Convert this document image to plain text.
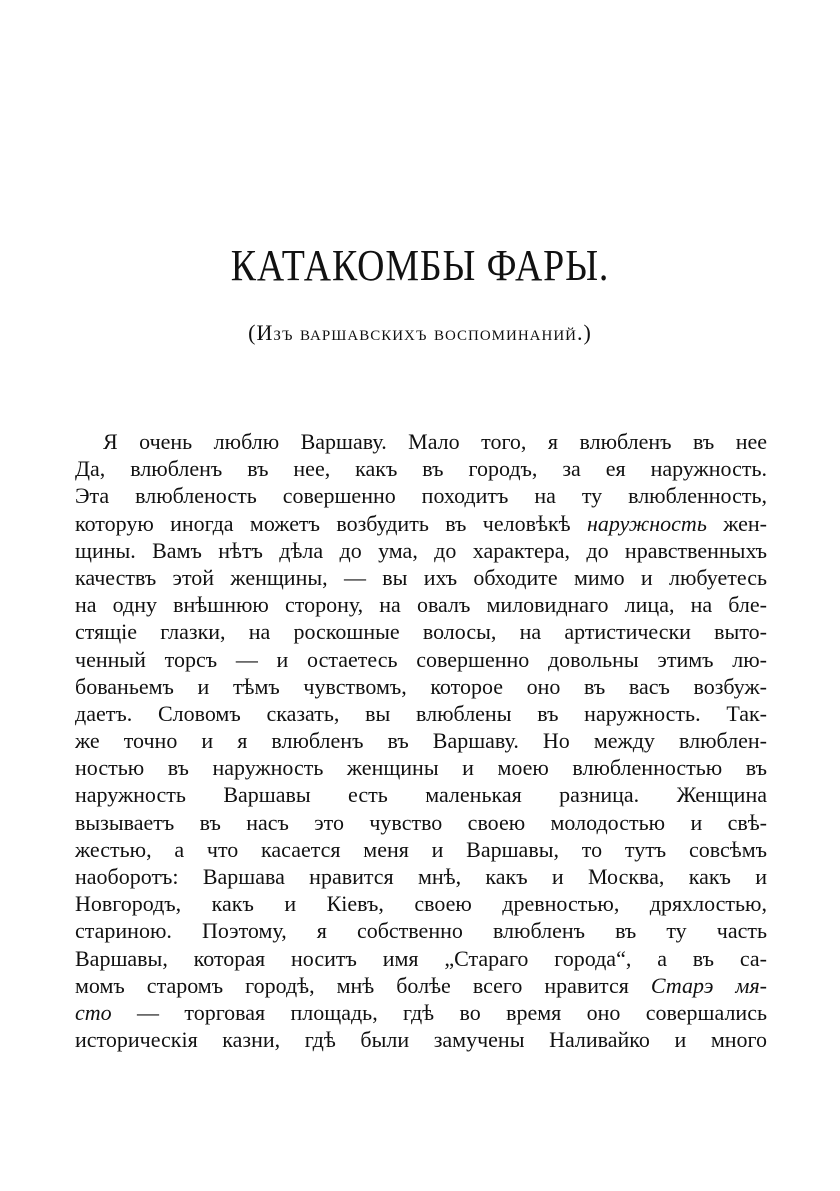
КАТАКОМБЫ ФАРЫ.

(Изъ варшавскихъ воспоминаний.)

Я очень люблю Варшаву. Мало того, я влюбленъ въ нее
Да, влюбленъ въ нее, какъ въ городъ, за ея наружность.
Эта влюбленость совершенно походитъ на ту влюбленность,
которую иногда можетъ возбудить въ человѣкѣ наружность жен-
щины. Вамъ нѣтъ дѣла до ума, до характера, до нравственныхъ
качествъ этой женщины, — вы ихъ обходите мимо и любуетесь
на одну внѣшнюю сторону, на овалъ миловиднаго лица, на бле-
стящіе глазки, на роскошные волосы, на артистически выто-
ченный торсъ — и остаетесь совершенно довольны этимъ лю-
бованьемъ и тѣмъ чувствомъ, которое оно въ васъ возбуж-
даетъ. Словомъ сказать, вы влюблены въ наружность. Так-
же точно и я влюбленъ въ Варшаву. Но между влюблен-
ностью въ наружность женщины и моею влюбленностью въ
наружность Варшавы есть маленькая разница. Женщина
вызываетъ въ насъ это чувство своею молодостью и свѣ-
жестью, а что касается меня и Варшавы, то тутъ совсѣмъ
наоборотъ: Варшава нравится мнѣ, какъ и Москва, какъ и
Новгородъ, какъ и Кіевъ, своею древностью, дряхлостью,
стариною. Поэтому, я собственно влюбленъ въ ту часть
Варшавы, которая носитъ имя „Стараго города“, а въ са-
момъ старомъ городѣ, мнѣ болѣе всего нравится Старэ мя-
сто — торговая площадь, гдѣ во время оно совершались
историческія казни, гдѣ были замучены Наливайко и много
